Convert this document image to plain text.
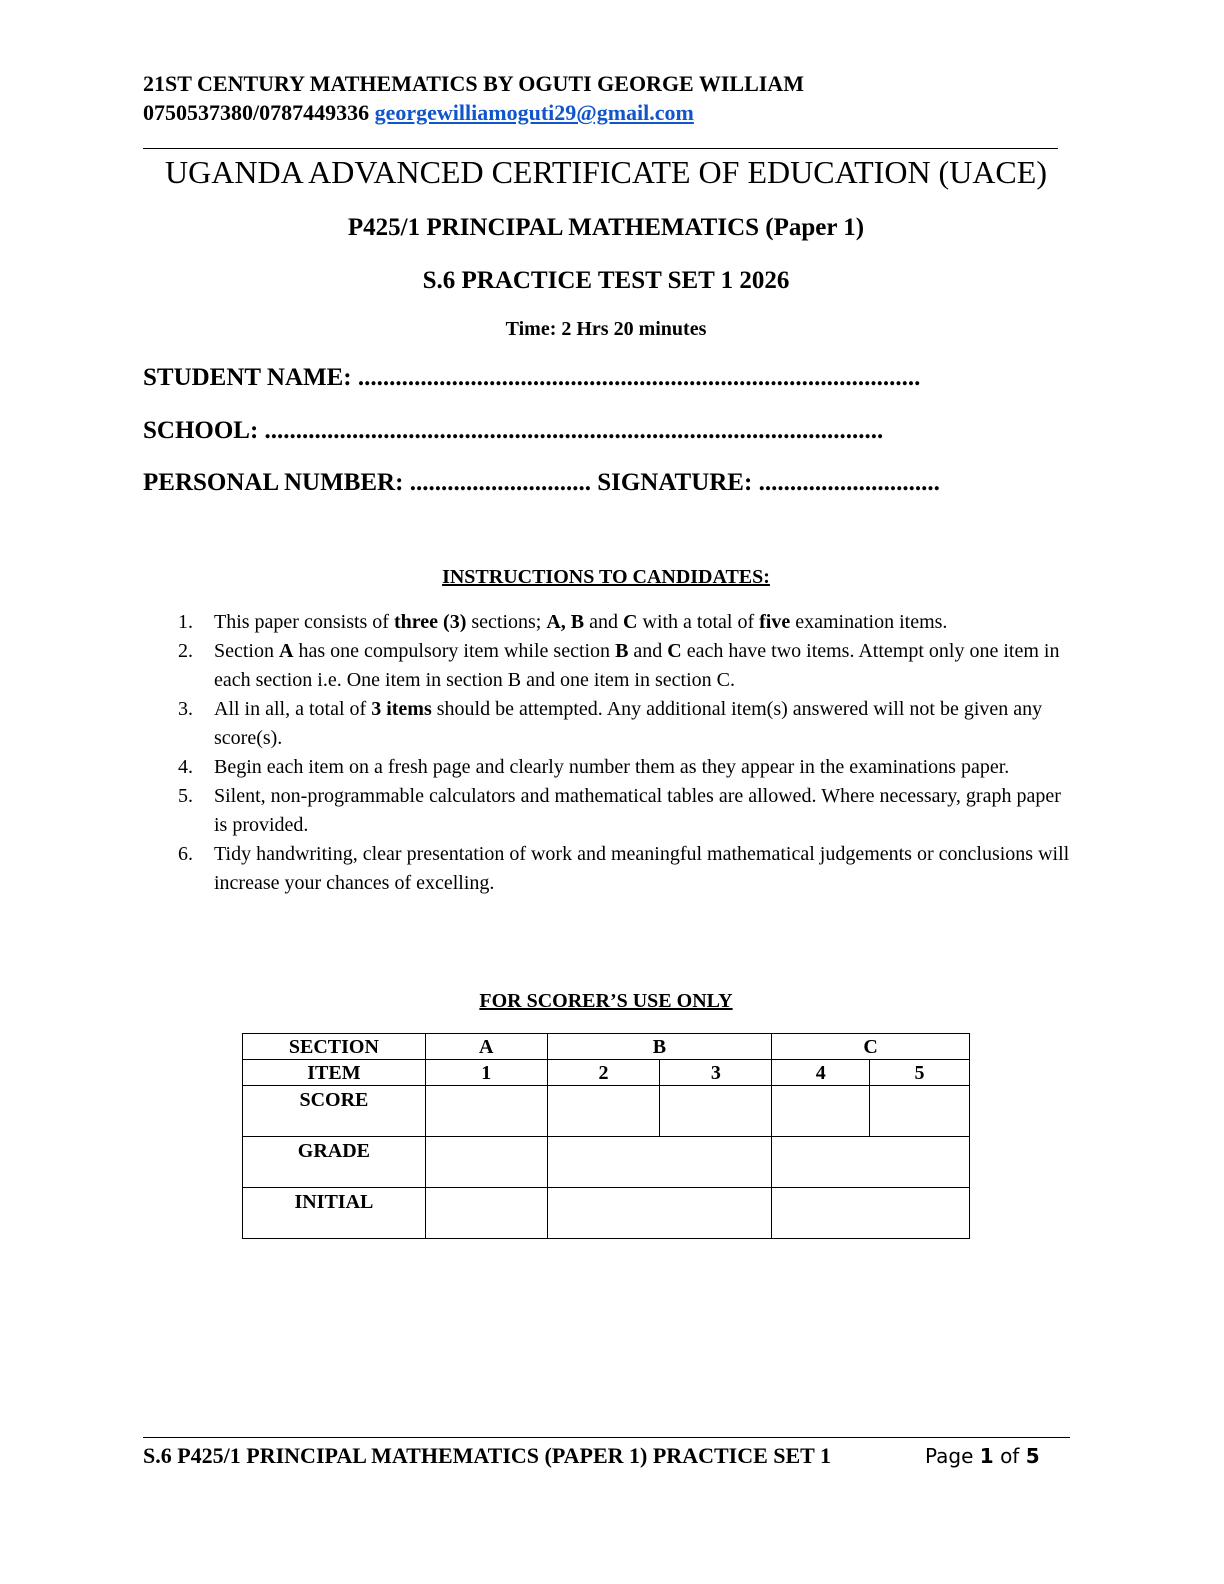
21ST CENTURY MATHEMATICS BY OGUTI GEORGE WILLIAM
0750537380/0787449336 georgewilliamoguti29@gmail.com
UGANDA ADVANCED CERTIFICATE OF EDUCATION (UACE)
P425/1 PRINCIPAL MATHEMATICS (Paper 1)
S.6 PRACTICE TEST SET 1 2026
Time: 2 Hrs 20 minutes
STUDENT NAME: ..........................................................................................
SCHOOL: ...................................................................................................
PERSONAL NUMBER: ............................. SIGNATURE: .............................
INSTRUCTIONS TO CANDIDATES:
1. This paper consists of three (3) sections; A, B and C with a total of five examination items.
2. Section A has one compulsory item while section B and C each have two items. Attempt only one item in each section i.e. One item in section B and one item in section C.
3. All in all, a total of 3 items should be attempted. Any additional item(s) answered will not be given any score(s).
4. Begin each item on a fresh page and clearly number them as they appear in the examinations paper.
5. Silent, non-programmable calculators and mathematical tables are allowed. Where necessary, graph paper is provided.
6. Tidy handwriting, clear presentation of work and meaningful mathematical judgements or conclusions will increase your chances of excelling.
FOR SCORER’S USE ONLY
SECTION	A	B		C	
ITEM	1	2	3	4	5
SCORE					
GRADE					
INITIAL					
S.6 P425/1 PRINCIPAL MATHEMATICS (PAPER 1) PRACTICE SET 1	Page 1 of 5
